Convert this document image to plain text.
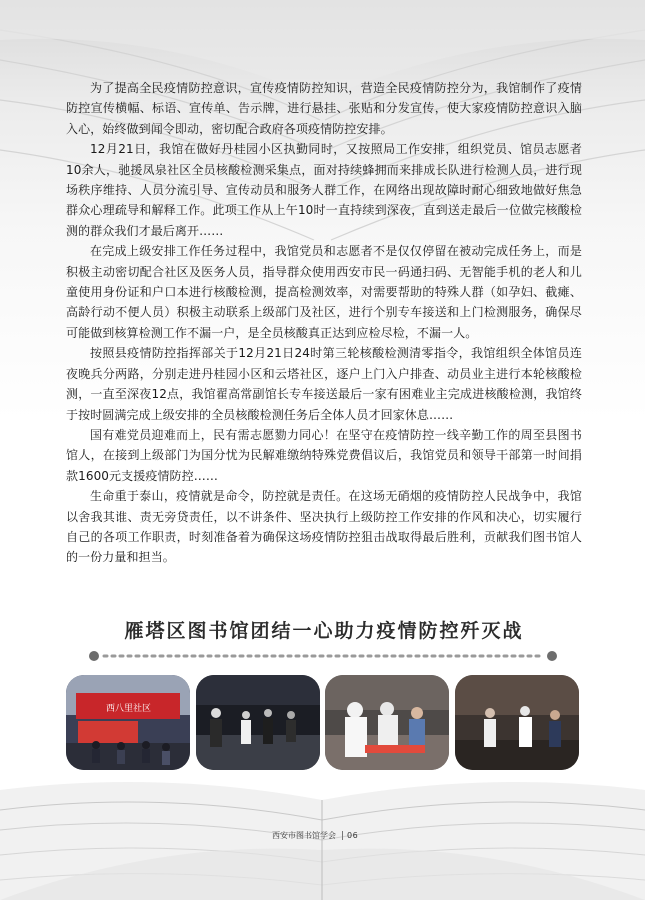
为了提高全民疫情防控意识，宣传疫情防控知识，营造全民疫情防控分为，我馆制作了疫情防控宣传横幅、标语、宣传单、告示牌，进行悬挂、张贴和分发宣传，使大家疫情防控意识入脑入心，始终做到闻令即动，密切配合政府各项疫情防控安排。

12月21日，我馆在做好丹桂园小区执勤同时，又按照局工作安排，组织党员、馆员志愿者10余人，驰援凤泉社区全员核酸检测采集点，面对持续蜂拥而来排成长队进行检测人员，进行现场秩序维持、人员分流引导、宣传动员和服务人群工作，在网络出现故障时耐心细致地做好焦急群众心理疏导和解释工作。此项工作从上午10时一直持续到深夜，直到送走最后一位做完核酸检测的群众我们才最后离开……

在完成上级安排工作任务过程中，我馆党员和志愿者不是仅仅停留在被动完成任务上，而是积极主动密切配合社区及医务人员，指导群众使用西安市民一码通扫码、无智能手机的老人和儿童使用身份证和户口本进行核酸检测，提高检测效率，对需要帮助的特殊人群（如孕妇、截瘫、高龄行动不便人员）积极主动联系上级部门及社区，进行个别专车接送和上门检测服务，确保尽可能做到核算检测工作不漏一户，是全员核酸真正达到应检尽检，不漏一人。

按照县疫情防控指挥部关于12月21日24时第三轮核酸检测清零指令，我馆组织全体馆员连夜晚兵分两路，分别走进丹桂园小区和云塔社区，逐户上门入户排查、动员业主进行本轮核酸检测，一直至深夜12点，我馆翟高常副馆长专车接送最后一家有困难业主完成进核酸检测，我馆终于按时圆满完成上级安排的全员核酸检测任务后全体人员才回家休息……

国有难党员迎难而上，民有需志愿勠力同心！在坚守在疫情防控一线辛勤工作的周至县图书馆人，在接到上级部门为国分忧为民解难缴纳特殊党费倡议后，我馆党员和领导干部第一时间捐款1600元支援疫情防控……

生命重于泰山，疫情就是命令，防控就是责任。在这场无硝烟的疫情防控人民战争中，我馆以舍我其谁、责无旁贷责任，以不讲条件、坚决执行上级防控工作安排的作风和决心，切实履行自己的各项工作职责，时刻准备着为确保这场疫情防控狙击战取得最后胜利，贡献我们图书馆人的一份力量和担当。

雁塔区图书馆团结一心助力疫情防控歼灭战
西八里社区
西安市图书馆学会	06
